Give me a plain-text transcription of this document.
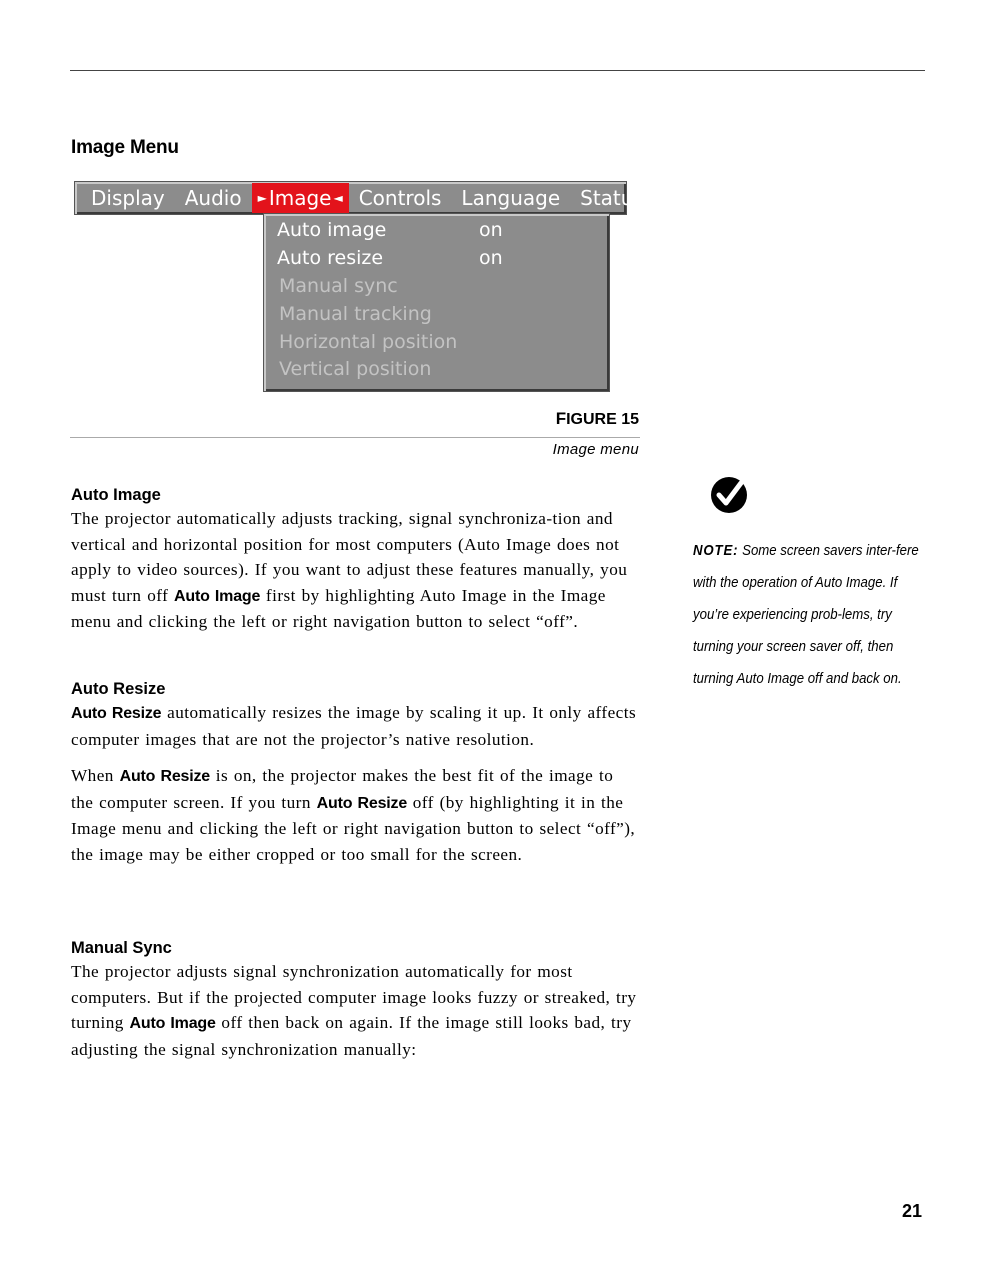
Image Menu
Display	Audio	► Image ◄ Controls	Language	Status
Auto image	on
Auto resize	on
Manual sync
Manual tracking
Horizontal position
Vertical position
FIGURE 15
Image menu
Auto Image

The projector automatically adjusts tracking, signal synchroniza-tion and vertical and horizontal position for most computers (Auto Image does not apply to video sources). If you want to adjust these features manually, you must turn off Auto Image first by highlighting Auto Image in the Image menu and clicking the left or right navigation button to select “off”.

Auto Resize

Auto Resize automatically resizes the image by scaling it up. It only affects computer images that are not the projector’s native resolution.

When Auto Resize is on, the projector makes the best fit of the image to the computer screen. If you turn Auto Resize off (by highlighting it in the Image menu and clicking the left or right navigation button to select “off”), the image may be either cropped or too small for the screen.

Manual Sync

The projector adjusts signal synchronization automatically for most computers. But if the projected computer image looks fuzzy or streaked, try turning Auto Image off then back on again. If the image still looks bad, try adjusting the signal synchronization manually:

NOTE: Some screen savers inter-fere with the operation of Auto Image. If you’re experiencing prob-lems, try turning your screen saver off, then turning Auto Image off and back on.
21
